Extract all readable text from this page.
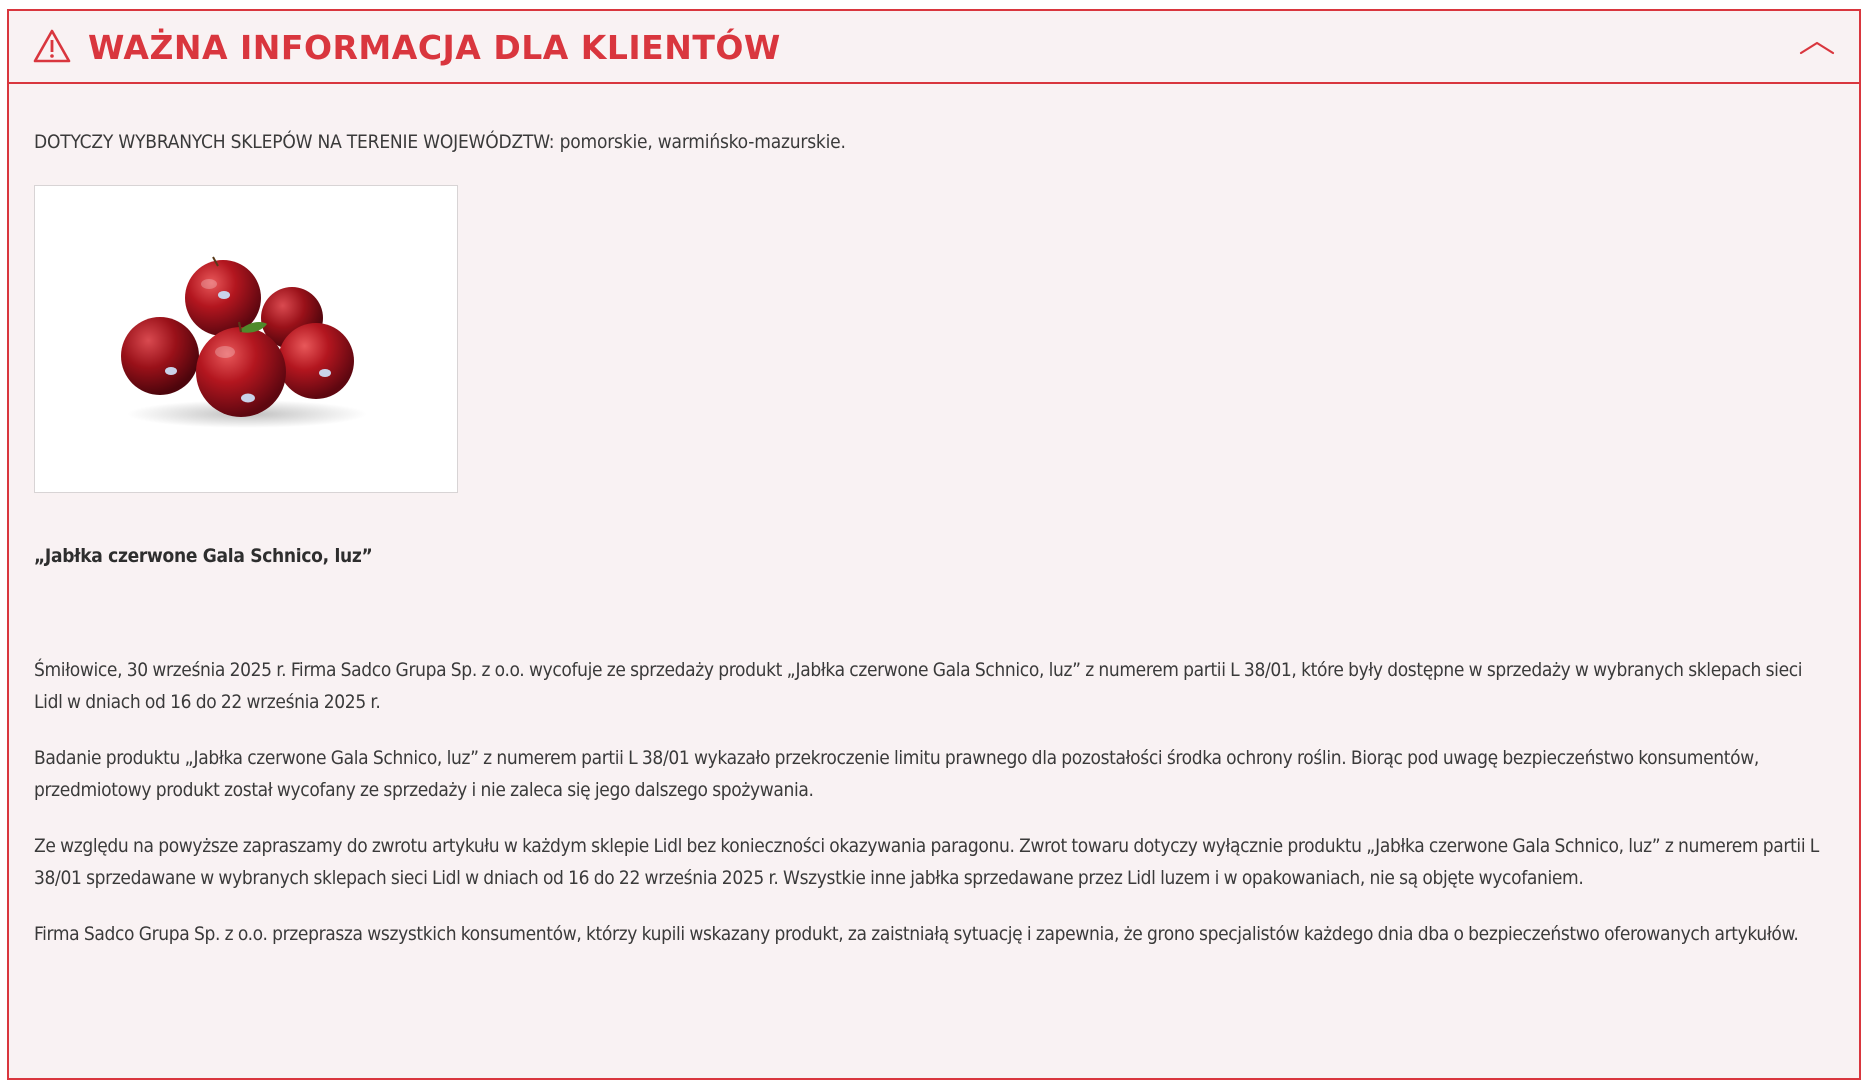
WAŻNA INFORMACJA DLA KLIENTÓW
DOTYCZY WYBRANYCH SKLEPÓW NA TERENIE WOJEWÓDZTW: pomorskie, warmińsko-mazurskie.
„Jabłka czerwone Gala Schnico, luz”

Śmiłowice, 30 września 2025 r. Firma Sadco Grupa Sp. z o.o. wycofuje ze sprzedaży produkt „Jabłka czerwone Gala Schnico, luz” z numerem partii L 38/01, które były dostępne w sprzedaży w wybranych sklepach sieci Lidl w dniach od 16 do 22 września 2025 r.

Badanie produktu „Jabłka czerwone Gala Schnico, luz” z numerem partii L 38/01 wykazało przekroczenie limitu prawnego dla pozostałości środka ochrony roślin. Biorąc pod uwagę bezpieczeństwo konsumentów, przedmiotowy produkt został wycofany ze sprzedaży i nie zaleca się jego dalszego spożywania.

Ze względu na powyższe zapraszamy do zwrotu artykułu w każdym sklepie Lidl bez konieczności okazywania paragonu. Zwrot towaru dotyczy wyłącznie produktu „Jabłka czerwone Gala Schnico, luz” z numerem partii L 38/01 sprzedawane w wybranych sklepach sieci Lidl w dniach od 16 do 22 września 2025 r. Wszystkie inne jabłka sprzedawane przez Lidl luzem i w opakowaniach, nie są objęte wycofaniem.

Firma Sadco Grupa Sp. z o.o. przeprasza wszystkich konsumentów, którzy kupili wskazany produkt, za zaistniałą sytuację i zapewnia, że grono specjalistów każdego dnia dba o bezpieczeństwo oferowanych artykułów.
